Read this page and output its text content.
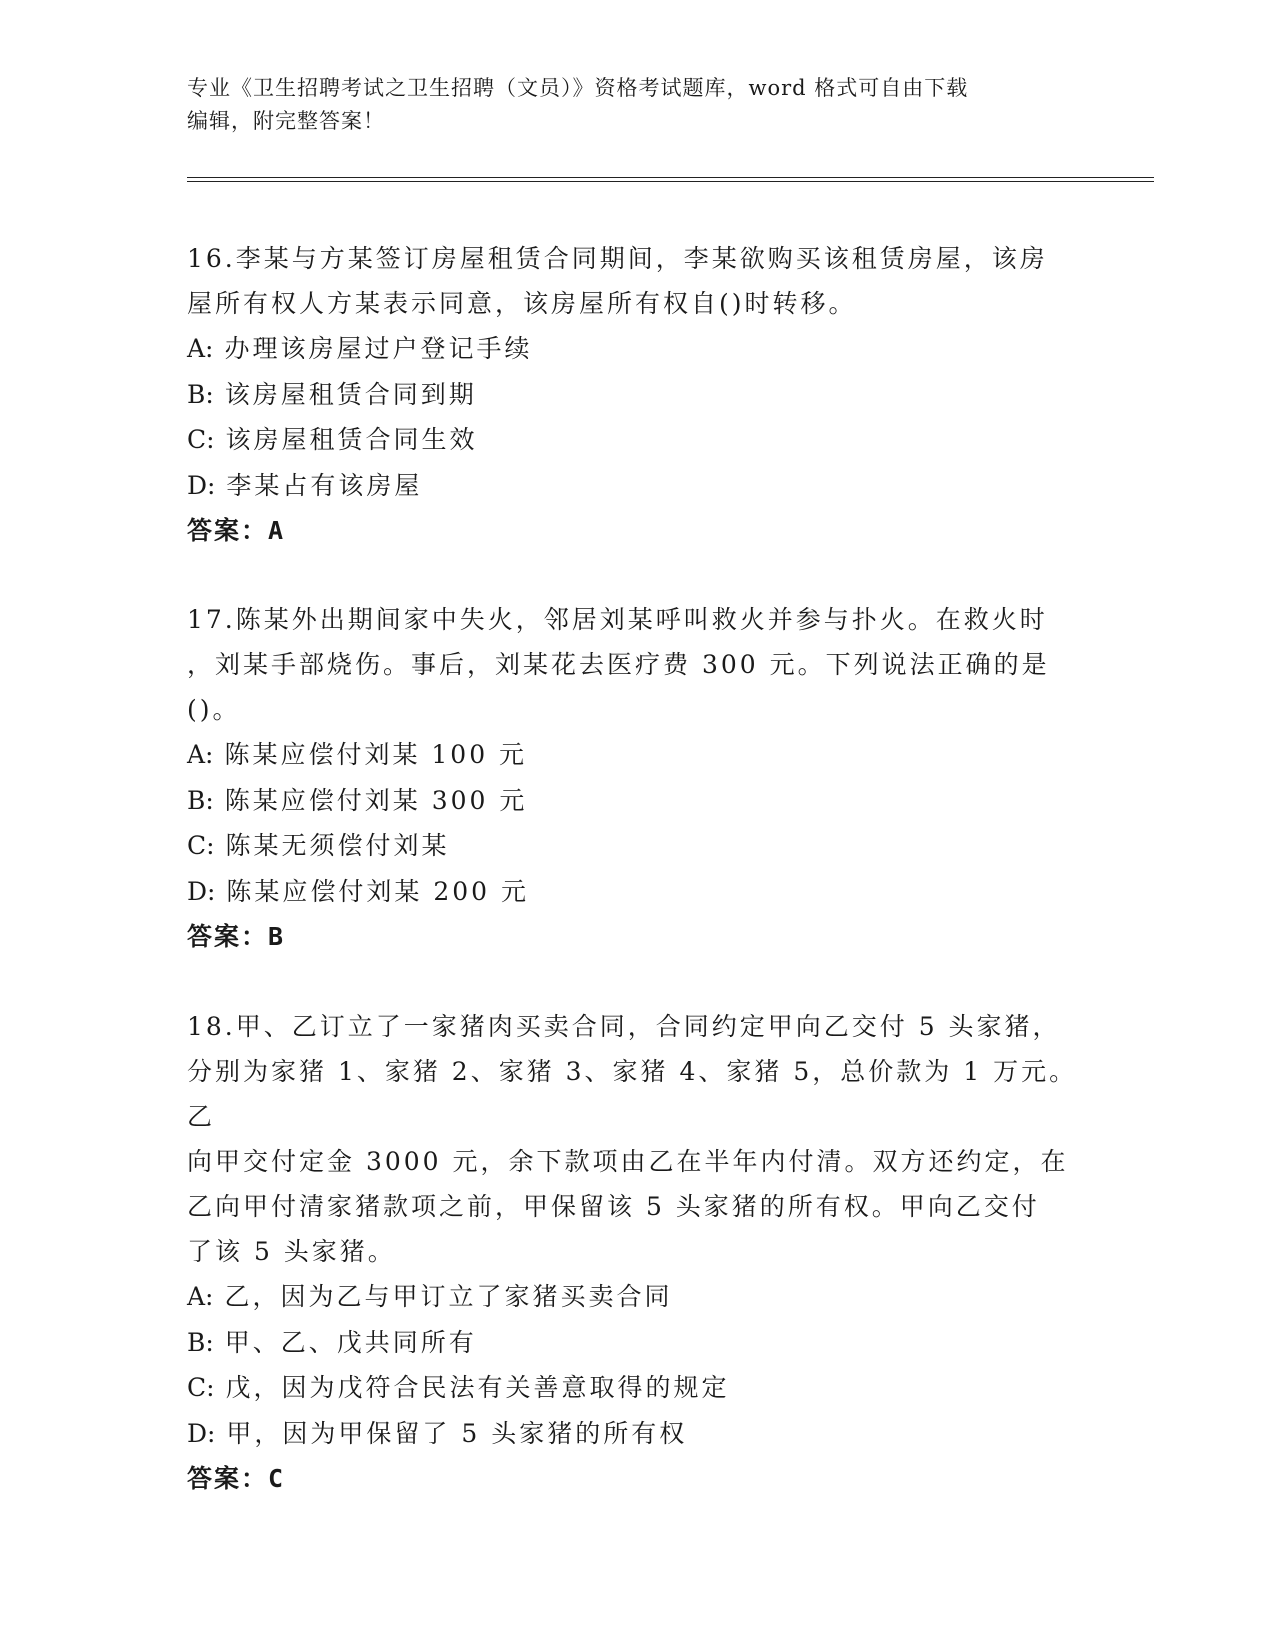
专业《卫生招聘考试之卫生招聘（文员）》资格考试题库，word 格式可自由下载
编辑，附完整答案！
16.李某与方某签订房屋租赁合同期间，李某欲购买该租赁房屋，该房
屋所有权人方某表示同意，该房屋所有权自()时转移。
A: 办理该房屋过户登记手续
B: 该房屋租赁合同到期
C: 该房屋租赁合同生效
D: 李某占有该房屋
答案：A
17.陈某外出期间家中失火，邻居刘某呼叫救火并参与扑火。在救火时
，刘某手部烧伤。事后，刘某花去医疗费 300 元。下列说法正确的是
()。
A: 陈某应偿付刘某 100 元
B: 陈某应偿付刘某 300 元
C: 陈某无须偿付刘某
D: 陈某应偿付刘某 200 元
答案：B
18.甲、乙订立了一家猪肉买卖合同，合同约定甲向乙交付 5 头家猪，
分别为家猪 1、家猪 2、家猪 3、家猪 4、家猪 5，总价款为 1 万元。乙
向甲交付定金 3000 元，余下款项由乙在半年内付清。双方还约定，在
乙向甲付清家猪款项之前，甲保留该 5 头家猪的所有权。甲向乙交付
了该 5 头家猪。
A: 乙，因为乙与甲订立了家猪买卖合同
B: 甲、乙、戊共同所有
C: 戊，因为戊符合民法有关善意取得的规定
D: 甲，因为甲保留了 5 头家猪的所有权
答案：C
